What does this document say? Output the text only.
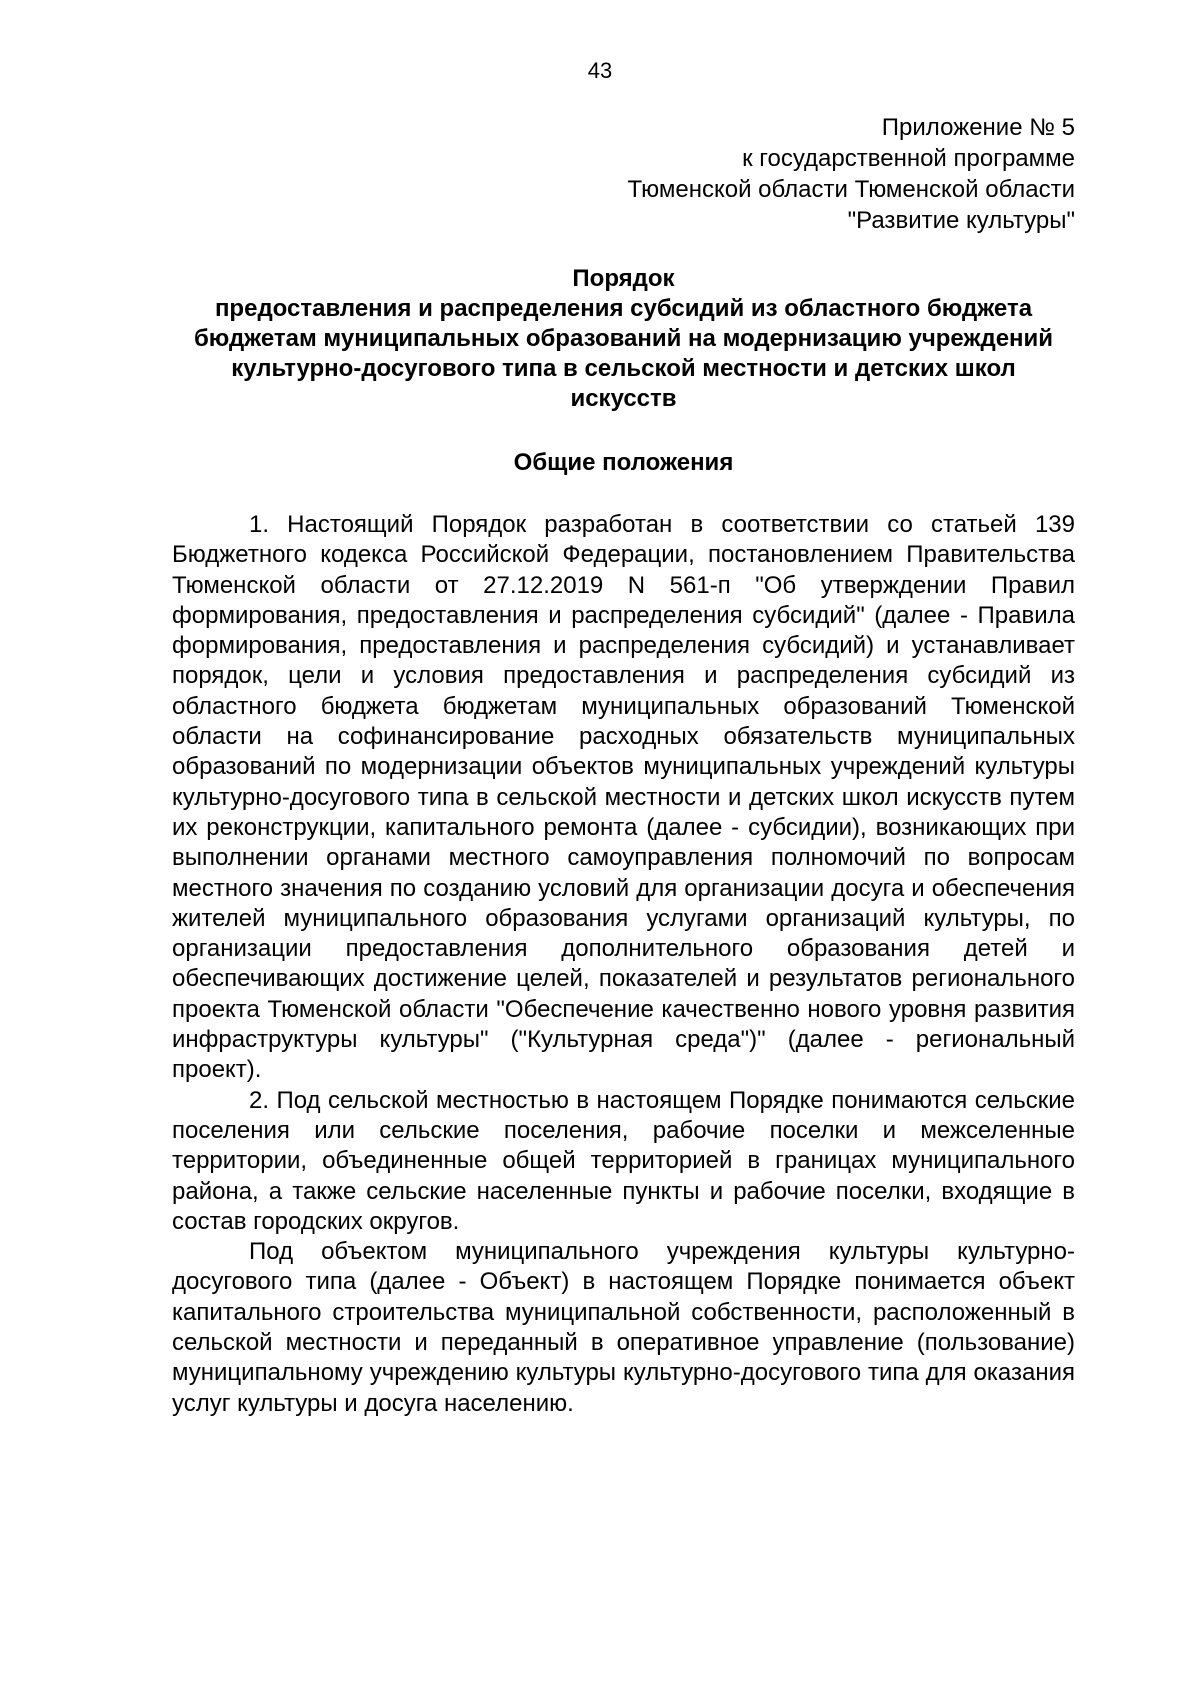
43
Приложение № 5
к государственной программе
Тюменской области Тюменской области
"Развитие культуры"
Порядок
предоставления и распределения субсидий из областного бюджета
бюджетам муниципальных образований на модернизацию учреждений
культурно-досугового типа в сельской местности и детских школ
искусств
Общие положения

1. Настоящий Порядок разработан в соответствии со статьей 139 Бюджетного кодекса Российской Федерации, постановлением Правительства Тюменской области от 27.12.2019 N 561-п "Об утверждении Правил формирования, предоставления и распределения субсидий" (далее - Правила формирования, предоставления и распределения субсидий) и устанавливает порядок, цели и условия предоставления и распределения субсидий из областного бюджета бюджетам муниципальных образований Тюменской области на софинансирование расходных обязательств муниципальных образований по модернизации объектов муниципальных учреждений культуры культурно-досугового типа в сельской местности и детских школ искусств путем их реконструкции, капитального ремонта (далее - субсидии), возникающих при выполнении органами местного самоуправления полномочий по вопросам местного значения по созданию условий для организации досуга и обеспечения жителей муниципального образования услугами организаций культуры, по организации предоставления дополнительного образования детей и обеспечивающих достижение целей, показателей и результатов регионального проекта Тюменской области "Обеспечение качественно нового уровня развития инфраструктуры культуры" ("Культурная среда")" (далее - региональный проект).

2. Под сельской местностью в настоящем Порядке понимаются сельские поселения или сельские поселения, рабочие поселки и межселенные территории, объединенные общей территорией в границах муниципального района, а также сельские населенные пункты и рабочие поселки, входящие в состав городских округов.

Под объектом муниципального учреждения культуры культурно-досугового типа (далее - Объект) в настоящем Порядке понимается объект капитального строительства муниципальной собственности, расположенный в сельской местности и переданный в оперативное управление (пользование) муниципальному учреждению культуры культурно-досугового типа для оказания услуг культуры и досуга населению.
